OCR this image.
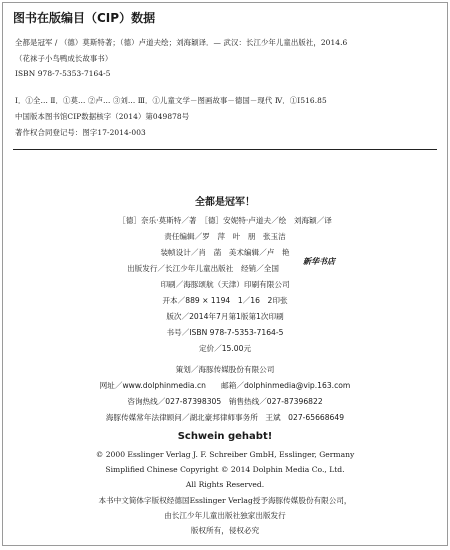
图书在版编目（CIP）数据
全都是冠军 / （德）莫斯特著；（德）卢道夫绘；刘海颖译．— 武汉：长江少年儿童出版社，2014.6
（花袜子小鸟鸭成长故事书）
ISBN 978-7-5353-7164-5
Ⅰ．①全… Ⅱ．①莫… ②卢… ③刘… Ⅲ．①儿童文学－图画故事－德国－现代 Ⅳ．①I516.85
中国版本图书馆CIP数据核字（2014）第049878号
著作权合同登记号：图字17-2014-003
全都是冠军！
［德］奈乐·莫斯特／著　［德］安妮特·卢道夫／绘　刘海颖／译
责任编辑／罗　萍　叶　朋　张玉洁
装帧设计／肖　菡　美术编辑／卢　艳
出版发行／长江少年儿童出版社　经销／全国
新华书店
印刷／海豚颂航（天津）印刷有限公司
开本／889 × 1194　1／16　2印张
版次／2014年7月第1版第1次印刷
书号／ISBN 978-7-5353-7164-5
定价／15.00元
策划／海豚传媒股份有限公司
网址／www.dolphinmedia.cn　　邮箱／dolphinmedia@vip.163.com
咨询热线／027-87398305　销售热线／027-87396822
海豚传媒常年法律顾问／湖北豪邦律师事务所　王斌　027-65668649
Schwein gehabt!
© 2000 Esslinger Verlag J. F. Schreiber GmbH, Esslinger, Germany
Simplified Chinese Copyright © 2014 Dolphin Media Co., Ltd.
All Rights Reserved.
本书中文简体字版权经德国Esslinger Verlag授予海豚传媒股份有限公司，
由长江少年儿童出版社独家出版发行
版权所有，侵权必究
